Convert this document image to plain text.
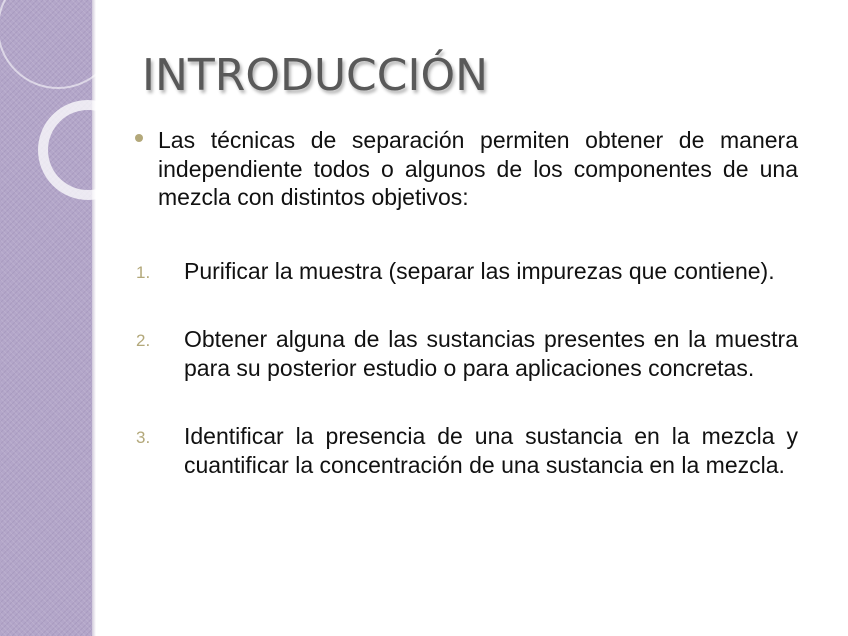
INTRODUCCIÓN
Las técnicas de separación permiten obtener de manera independiente todos o algunos de los componentes de una mezcla con distintos objetivos:
1. Purificar la muestra (separar las impurezas que contiene).
2. Obtener alguna de las sustancias presentes en la muestra para su posterior estudio o para aplicaciones concretas.
3. Identificar la presencia de una sustancia en la mezcla y cuantificar la concentración de una sustancia en la mezcla.
